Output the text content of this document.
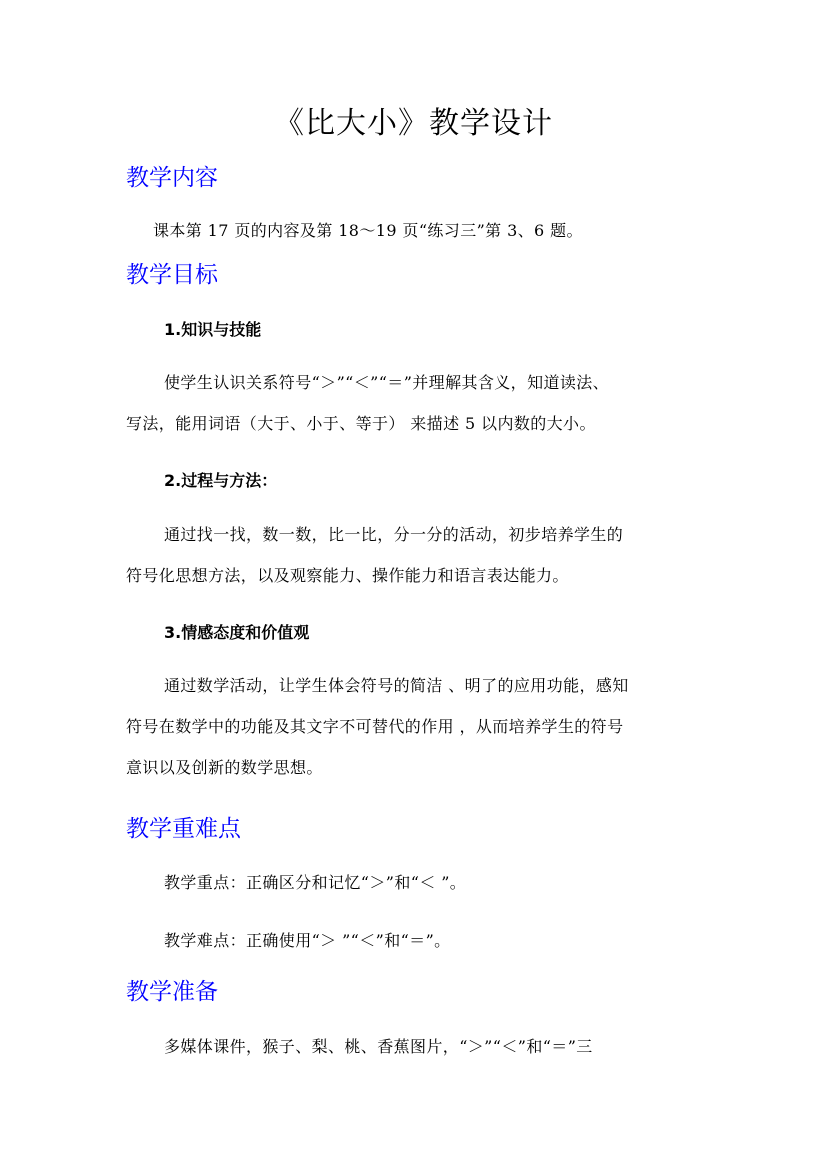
《比大小》教学设计
教学内容

课本第 17 页的内容及第 18～19 页“练习三”第 3、6 题。

教学目标
1.知识与技能

使学生认识关系符号“＞”“＜”“＝”并理解其含义，知道读法、
写法，能用词语（大于、小于、等于） 来描述 5 以内数的大小。

2.过程与方法：

通过找一找，数一数，比一比，分一分的活动，初步培养学生的
符号化思想方法，以及观察能力、操作能力和语言表达能力。

3.情感态度和价值观

通过数学活动，让学生体会符号的简洁 、明了的应用功能，感知
符号在数学中的功能及其文字不可替代的作用 ，从而培养学生的符号
意识以及创新的数学思想。

教学重难点

教学重点：正确区分和记忆“＞”和“＜ ”。

教学难点：正确使用“＞ ”“＜”和“＝”。

教学准备

多媒体课件，猴子、梨、桃、香蕉图片，“＞”“＜”和“＝”三
